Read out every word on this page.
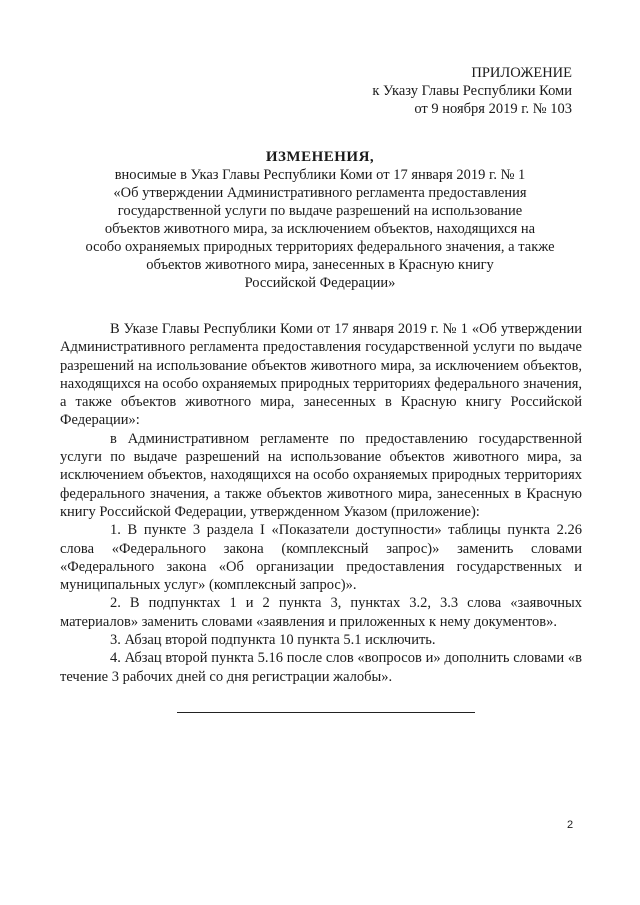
ПРИЛОЖЕНИЕ
к Указу Главы Республики Коми
от 9 ноября 2019 г. № 103
ИЗМЕНЕНИЯ,
вносимые в Указ Главы Республики Коми от 17 января 2019 г. № 1
«Об утверждении Административного регламента предоставления
государственной услуги по выдаче разрешений на использование
объектов животного мира, за исключением объектов, находящихся на
особо охраняемых природных территориях федерального значения, а также
объектов животного мира, занесенных в Красную книгу
Российской Федерации»

В Указе Главы Республики Коми от 17 января 2019 г. № 1 «Об утверждении Административного регламента предоставления государственной услуги по выдаче разрешений на использование объектов животного мира, за исключением объектов, находящихся на особо охраняемых природных территориях федерального значения, а также объектов животного мира, занесенных в Красную книгу Российской Федерации»:

в Административном регламенте по предоставлению государственной услуги по выдаче разрешений на использование объектов животного мира, за исключением объектов, находящихся на особо охраняемых природных территориях федерального значения, а также объектов животного мира, занесенных в Красную книгу Российской Федерации, утвержденном Указом (приложение):

1. В пункте 3 раздела I «Показатели доступности» таблицы пункта 2.26 слова «Федерального закона (комплексный запрос)» заменить словами «Федерального закона «Об организации предоставления государственных и муниципальных услуг» (комплексный запрос)».

2. В подпунктах 1 и 2 пункта 3, пунктах 3.2, 3.3 слова «заявочных материалов» заменить словами «заявления и приложенных к нему документов».

3. Абзац второй подпункта 10 пункта 5.1 исключить.

4. Абзац второй пункта 5.16 после слов «вопросов и» дополнить словами «в течение 3 рабочих дней со дня регистрации жалобы».

2
